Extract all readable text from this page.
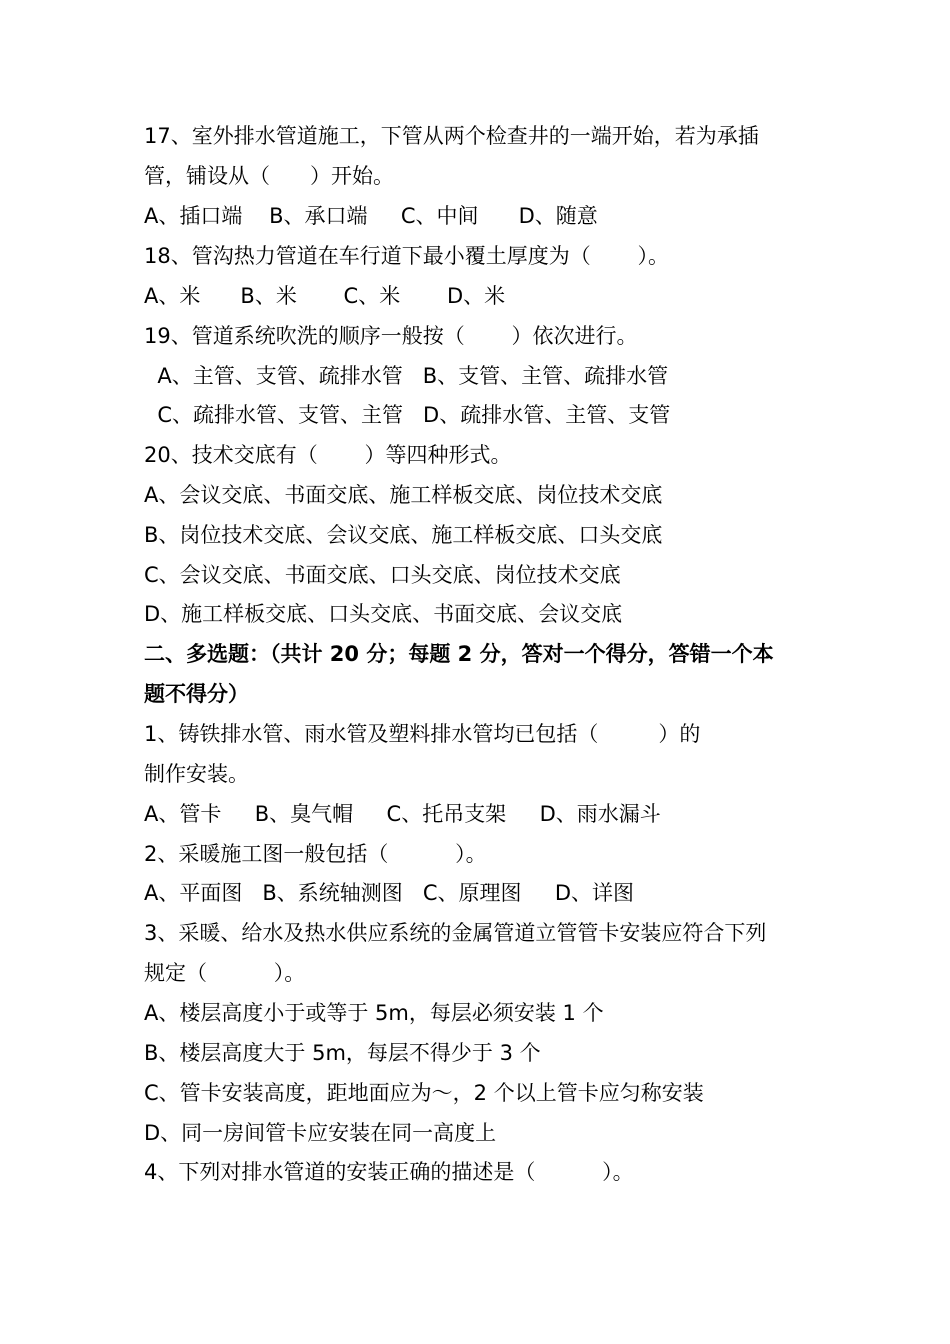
17、室外排水管道施工，下管从两个检查井的一端开始，若为承插
管，铺设从（      ）开始。
A、插口端    B、承口端     C、中间      D、随意
18、管沟热力管道在车行道下最小覆土厚度为（       ）。
A、米      B、米       C、米       D、米
19、管道系统吹洗的顺序一般按（       ）依次进行。
A、主管、支管、疏排水管   B、支管、主管、疏排水管
C、疏排水管、支管、主管   D、疏排水管、主管、支管
20、技术交底有（       ）等四种形式。
A、会议交底、书面交底、施工样板交底、岗位技术交底
B、岗位技术交底、会议交底、施工样板交底、口头交底
C、会议交底、书面交底、口头交底、岗位技术交底
D、施工样板交底、口头交底、书面交底、会议交底
二、多选题：（共计 20 分；每题 2 分，答对一个得分，答错一个本
题不得分）
1、铸铁排水管、雨水管及塑料排水管均已包括（         ）的
制作安装。
A、管卡     B、臭气帽     C、托吊支架     D、雨水漏斗
2、采暖施工图一般包括（          ）。
A、平面图   B、系统轴测图   C、原理图     D、详图
3、采暖、给水及热水供应系统的金属管道立管管卡安装应符合下列
规定（          ）。
A、楼层高度小于或等于 5m，每层必须安装 1 个
B、楼层高度大于 5m，每层不得少于 3 个
C、管卡安装高度，距地面应为～，2 个以上管卡应匀称安装
D、同一房间管卡应安装在同一高度上
4、下列对排水管道的安装正确的描述是（          ）。
